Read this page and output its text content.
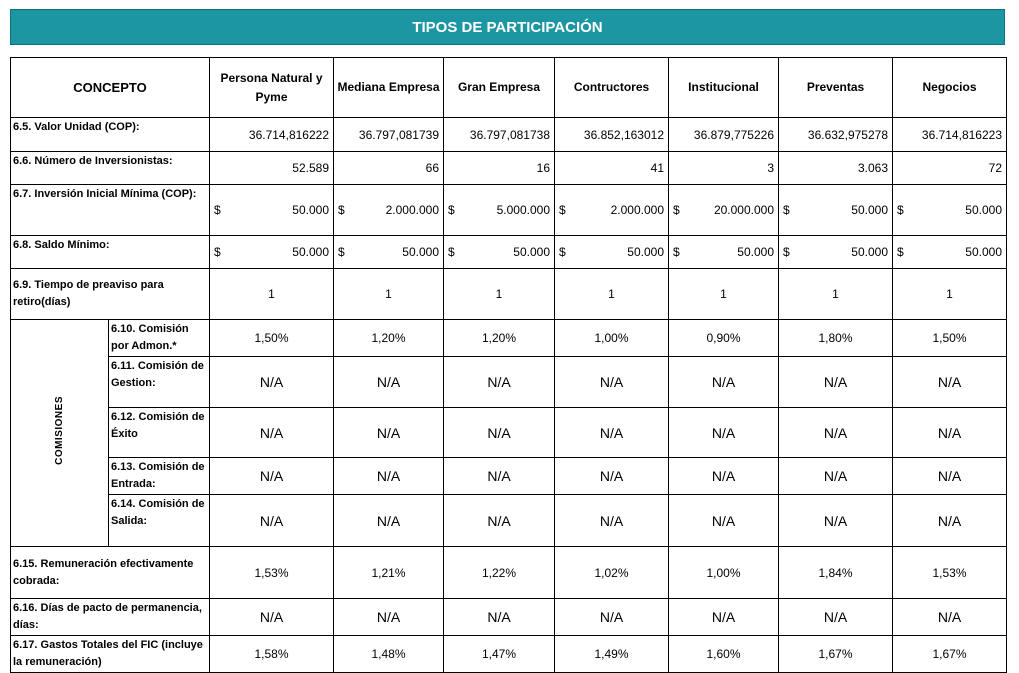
TIPOS DE PARTICIPACIÓN
CONCEPTO		Persona Natural y Pyme	Mediana Empresa	Gran Empresa	Contructores	Institucional	Preventas	Negocios
6.5. Valor Unidad (COP):		36.714,816222	36.797,081739	36.797,081738	36.852,163012	36.879,775226	36.632,975278	36.714,816223
6.6. Número de Inversionistas:		52.589	66	16	41	3	3.063	72
6.7. Inversión Inicial Mínima (COP):		$ 50.000	$ 2.000.000	$ 5.000.000	$ 2.000.000	$ 20.000.000	$ 50.000	$ 50.000

6.8. Saldo Mínimo:		$ 50.000	$ 50.000	$ 50.000	$ 50.000	$ 50.000	$ 50.000	$ 50.000

6.9. Tiempo de preaviso para retiro(días)		1	1	1	1	1	1	1
COMISIONES	6.10. Comisión por Admon.*	1,50%	1,20%	1,20%	1,00%	0,90%	1,80%	1,50%
	6.11. Comisión de Gestion:	N/A	N/A	N/A	N/A	N/A	N/A	N/A
	6.12. Comisión de Éxito	N/A	N/A	N/A	N/A	N/A	N/A	N/A
	6.13. Comisión de Entrada:	N/A	N/A	N/A	N/A	N/A	N/A	N/A
	6.14. Comisión de Salida:	N/A	N/A	N/A	N/A	N/A	N/A	N/A
6.15. Remuneración efectivamente cobrada:		1,53%	1,21%	1,22%	1,02%	1,00%	1,84%	1,53%
6.16. Días de pacto de permanencia, días:		N/A	N/A	N/A	N/A	N/A	N/A	N/A
6.17. Gastos Totales del FIC (incluye la remuneración)		1,58%	1,48%	1,47%	1,49%	1,60%	1,67%	1,67%
